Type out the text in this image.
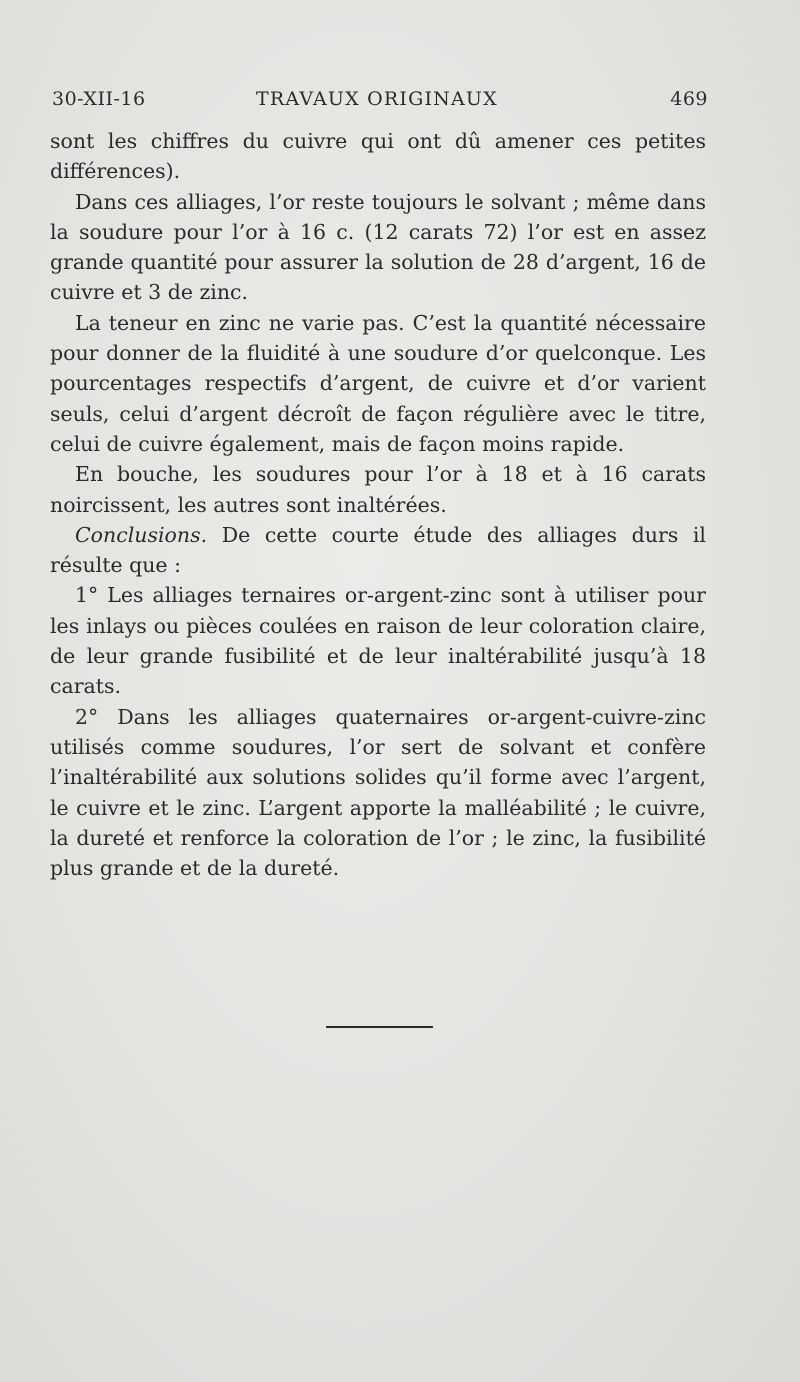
30-XII-16	TRAVAUX ORIGINAUX	469

sont les chiffres du cuivre qui ont dû amener ces petites différences).

Dans ces alliages, l’or reste toujours le solvant ; même dans la soudure pour l’or à 16 c. (12 carats 72) l’or est en assez grande quantité pour assurer la solution de 28 d’argent, 16 de cuivre et 3 de zinc.

La teneur en zinc ne varie pas. C’est la quantité nécessaire pour donner de la fluidité à une soudure d’or quelconque. Les pourcentages respectifs d’argent, de cuivre et d’or varient seuls, celui d’argent décroît de façon régulière avec le titre, celui de cuivre également, mais de façon moins rapide.

En bouche, les soudures pour l’or à 18 et à 16 carats noircissent, les autres sont inaltérées.

Conclusions. De cette courte étude des alliages durs il résulte que :

1° Les alliages ternaires or-argent-zinc sont à utiliser pour les inlays ou pièces coulées en raison de leur coloration claire, de leur grande fusibilité et de leur inaltérabilité jusqu’à 18 carats.

2° Dans les alliages quaternaires or-argent-cuivre-zinc utilisés comme soudures, l’or sert de solvant et confère l’inaltérabilité aux solutions solides qu’il forme avec l’argent, le cuivre et le zinc. L’argent apporte la malléabilité ; le cuivre, la dureté et renforce la coloration de l’or ; le zinc, la fusibilité plus grande et de la dureté.
